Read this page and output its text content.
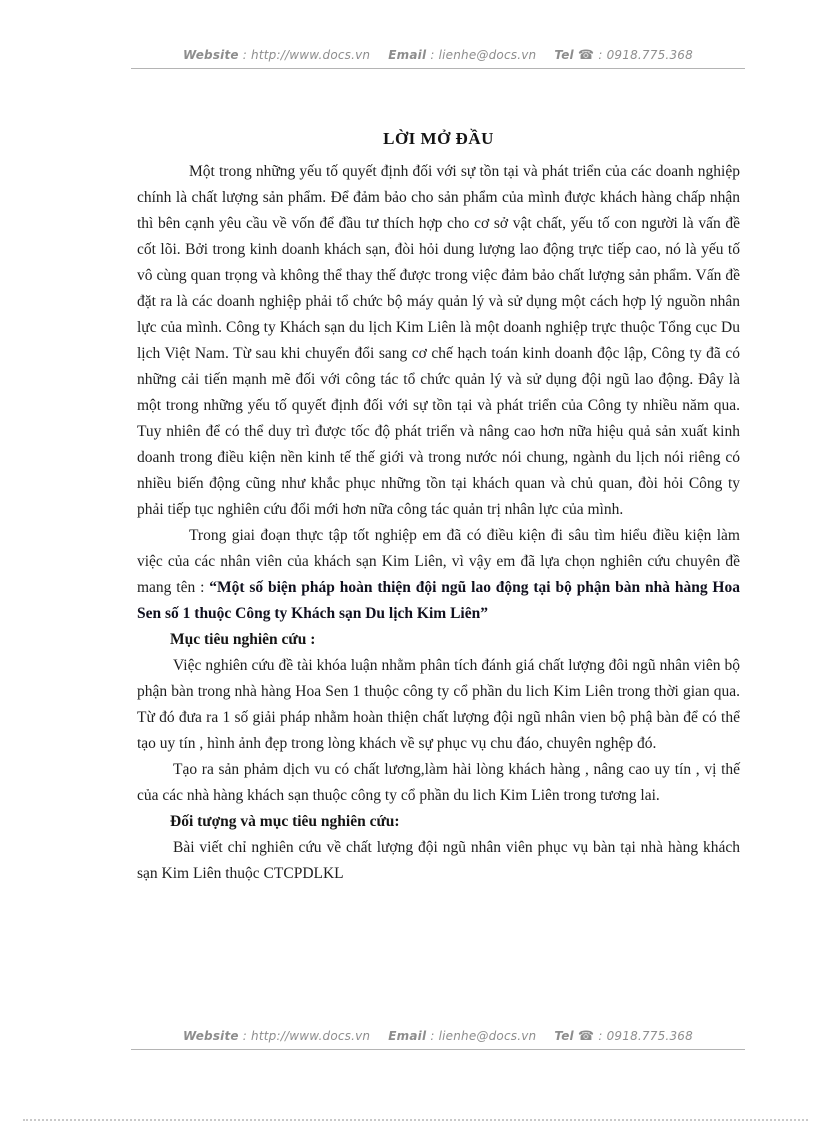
Website : http://www.docs.vn Email : lienhe@docs.vn Tel ☎ : 0918.775.368
LỜI MỞ ĐẦU

Một trong những yếu tố quyết định đối với sự tồn tại và phát triển của các doanh nghiệp chính là chất lượng sản phẩm. Để đảm bảo cho sản phẩm của mình được khách hàng chấp nhận thì bên cạnh yêu cầu về vốn để đầu tư thích hợp cho cơ sở vật chất, yếu tố con người là vấn đề cốt lõi. Bởi trong kinh doanh khách sạn, đòi hỏi dung lượng lao động trực tiếp cao, nó là yếu tố vô cùng quan trọng và không thể thay thế được trong việc đảm bảo chất lượng sản phẩm. Vấn đề đặt ra là các doanh nghiệp phải tổ chức bộ máy quản lý và sử dụng một cách hợp lý nguồn nhân lực của mình. Công ty Khách sạn du lịch Kim Liên là một doanh nghiệp trực thuộc Tổng cục Du lịch Việt Nam. Từ sau khi chuyển đổi sang cơ chế hạch toán kinh doanh độc lập, Công ty đã có những cải tiến mạnh mẽ đối với công tác tổ chức quản lý và sử dụng đội ngũ lao động. Đây là một trong những yếu tố quyết định đối với sự tồn tại và phát triển của Công ty nhiều năm qua. Tuy nhiên để có thể duy trì được tốc độ phát triển và nâng cao hơn nữa hiệu quả sản xuất kinh doanh trong điều kiện nền kinh tế thế giới và trong nước nói chung, ngành du lịch nói riêng có nhiều biến động cũng như khắc phục những tồn tại khách quan và chủ quan, đòi hỏi Công ty phải tiếp tục nghiên cứu đổi mới hơn nữa công tác quản trị nhân lực của mình.

Trong giai đoạn thực tập tốt nghiệp em đã có điều kiện đi sâu tìm hiểu điều kiện làm việc của các nhân viên của khách sạn Kim Liên, vì vậy em đã lựa chọn nghiên cứu chuyên đề mang tên : “Một số biện pháp hoàn thiện đội ngũ lao động tại bộ phận bàn nhà hàng Hoa Sen số 1 thuộc Công ty Khách sạn Du lịch Kim Liên”

Mục tiêu nghiên cứu :

Việc nghiên cứu đề tài khóa luận nhằm phân tích đánh giá chất lượng đôi ngũ nhân viên bộ phận bàn trong nhà hàng Hoa Sen 1 thuộc công ty cổ phần du lich Kim Liên trong thời gian qua. Từ đó đưa ra 1 số giải pháp nhằm hoàn thiện chất lượng đội ngũ nhân vien bộ phậ bàn để có thể tạo uy tín , hình ảnh đẹp trong lòng khách về sự phục vụ chu đáo, chuyên nghệp đó.

Tạo ra sản phảm dịch vu có chất lương,làm hài lòng khách hàng , nâng cao uy tín , vị thế của các nhà hàng khách sạn thuộc công ty cổ phần du lich Kim Liên trong tương lai.

Đối tượng và mục tiêu nghiên cứu:

Bài viết chỉ nghiên cứu về chất lượng đội ngũ nhân viên phục vụ bàn tại nhà hàng khách sạn Kim Liên thuộc CTCPDLKL

Website : http://www.docs.vn Email : lienhe@docs.vn Tel ☎ : 0918.775.368
